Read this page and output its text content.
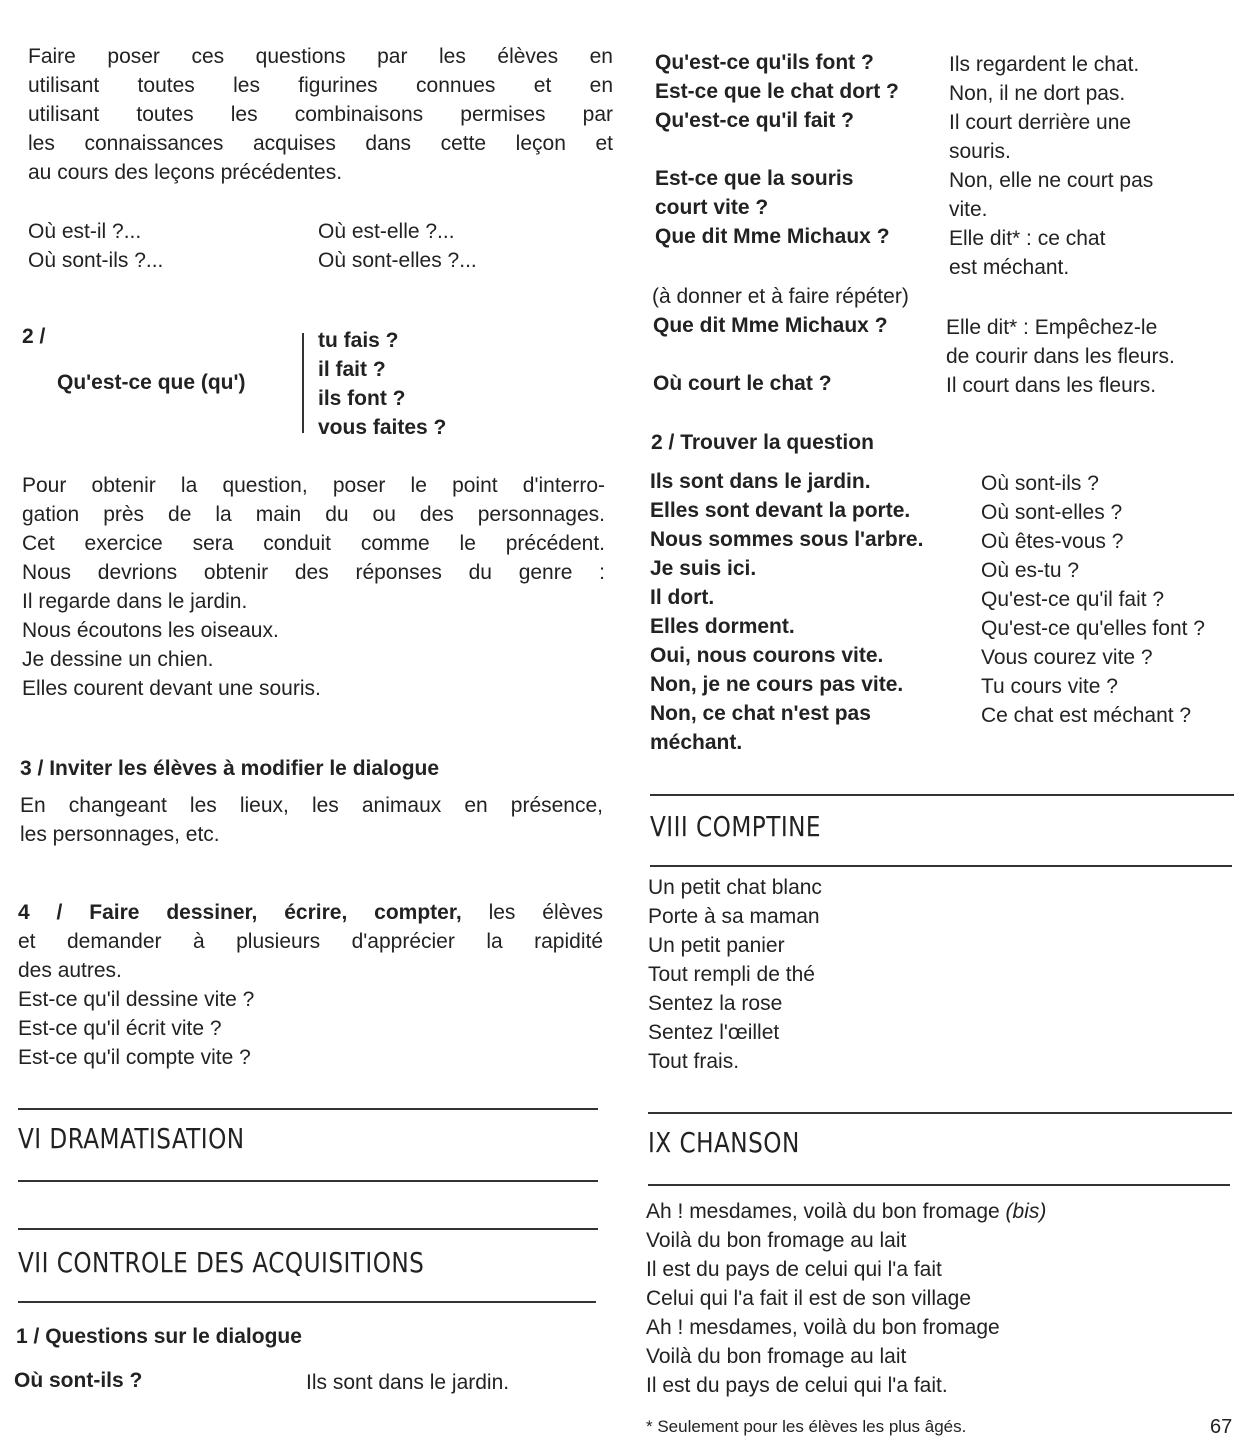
Faire poser ces questions par les élèves en
utilisant toutes les figurines connues et en
utilisant toutes les combinaisons permises par
les connaissances acquises dans cette leçon et
au cours des leçons précédentes.
Où est-il ?...
Où sont-ils ?...
Où est-elle ?...
Où sont-elles ?...
2 /
Qu'est-ce que (qu')
tu fais ?
il fait ?
ils font ?
vous faites ?
Pour obtenir la question, poser le point d'interro-
gation près de la main du ou des personnages.
Cet exercice sera conduit comme le précédent.
Nous devrions obtenir des réponses du genre :
Il regarde dans le jardin.
Nous écoutons les oiseaux.
Je dessine un chien.
Elles courent devant une souris.
3 / Inviter les élèves à modifier le dialogue
En changeant les lieux, les animaux en présence,
les personnages, etc.
4 / Faire dessiner, écrire, compter, les élèves
et demander à plusieurs d'apprécier la rapidité
des autres.
Est-ce qu'il dessine vite ?
Est-ce qu'il écrit vite ?
Est-ce qu'il compte vite ?
VI DRAMATISATION
VII CONTROLE DES ACQUISITIONS
1 / Questions sur le dialogue
Où sont-ils ?	Ils sont dans le jardin.
Qu'est-ce qu'ils font ?
Est-ce que le chat dort ?
Qu'est-ce qu'il fait ?
Est-ce que la souris
court vite ?
Que dit Mme Michaux ?
Ils regardent le chat.
Non, il ne dort pas.
Il court derrière une
souris.
Non, elle ne court pas
vite.
Elle dit* : ce chat
est méchant.
(à donner et à faire répéter)
Que dit Mme Michaux ?
Où court le chat ?
Elle dit* : Empêchez-le
de courir dans les fleurs.
Il court dans les fleurs.
2 / Trouver la question
Ils sont dans le jardin.
Elles sont devant la porte.
Nous sommes sous l'arbre.
Je suis ici.
Il dort.
Elles dorment.
Oui, nous courons vite.
Non, je ne cours pas vite.
Non, ce chat n'est pas
méchant.
Où sont-ils ?
Où sont-elles ?
Où êtes-vous ?
Où es-tu ?
Qu'est-ce qu'il fait ?
Qu'est-ce qu'elles font ?
Vous courez vite ?
Tu cours vite ?
Ce chat est méchant ?
VIII COMPTINE
Un petit chat blanc
Porte à sa maman
Un petit panier
Tout rempli de thé
Sentez la rose
Sentez l'œillet
Tout frais.
IX CHANSON
Ah ! mesdames, voilà du bon fromage (bis)
Voilà du bon fromage au lait
Il est du pays de celui qui l'a fait
Celui qui l'a fait il est de son village
Ah ! mesdames, voilà du bon fromage
Voilà du bon fromage au lait
Il est du pays de celui qui l'a fait.
* Seulement pour les élèves les plus âgés.	67
